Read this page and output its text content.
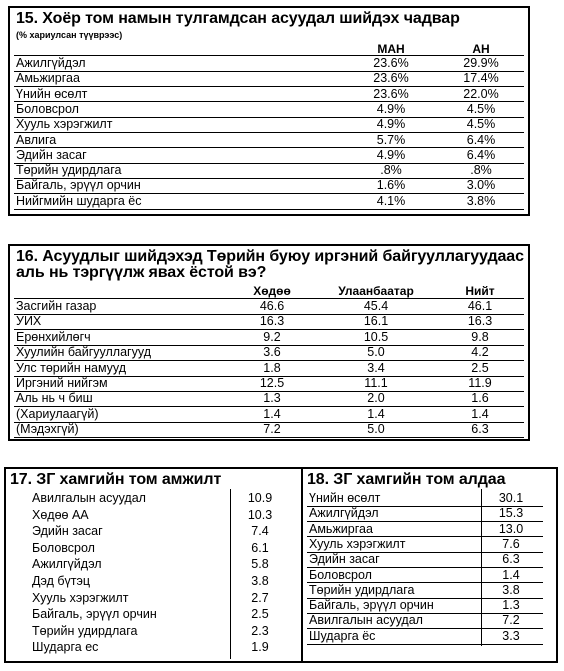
15. Хоёр том намын тулгамдсан асуудал шийдэх чадвар
(% хариулсан түүврээс)
МАН	АН
Ажилгүйдэл	23.6%	29.9%
Амьжиргаа	23.6%	17.4%
Үнийн өсөлт	23.6%	22.0%
Боловсрол	4.9%	4.5%
Хууль хэрэгжилт	4.9%	4.5%
Авлига	5.7%	6.4%
Эдийн засаг	4.9%	6.4%
Төрийн удирдлага	.8%	.8%
Байгаль, эрүүл орчин	1.6%	3.0%
Нийгмийн шударга ёс	4.1%	3.8%
16. Асуудлыг шийдэхэд Төрийн буюу иргэний байгууллагуудаас
аль нь тэргүүлж явах ёстой вэ?
Хөдөө	Улаанбаатар	Нийт
Засгийн газар	46.6	45.4	46.1
УИХ	16.3	16.1	16.3
Ерөнхийлөгч	9.2	10.5	9.8
Хуулийн байгууллагууд	3.6	5.0	4.2
Улс төрийн намууд	1.8	3.4	2.5
Иргэний нийгэм	12.5	11.1	11.9
Аль нь ч биш	1.3	2.0	1.6
(Хариулаагүй)	1.4	1.4	1.4
(Мэдэхгүй)	7.2	5.0	6.3
17. ЗГ хамгийн том амжилт
Авилгалын асуудал	10.9
Хөдөө АА	10.3
Эдийн засаг	7.4
Боловсрол	6.1
Ажилгүйдэл	5.8
Дэд бүтэц	3.8
Хууль хэрэгжилт	2.7
Байгаль, эрүүл орчин	2.5
Төрийн удирдлага	2.3
Шударга ес	1.9
18. ЗГ хамгийн том алдаа
Үнийн өсөлт	30.1
Ажилгүйдэл	15.3
Амьжиргаа	13.0
Хууль хэрэгжилт	7.6
Эдийн засаг	6.3
Боловсрол	1.4
Төрийн удирдлага	3.8
Байгаль, эрүүл орчин	1.3
Авилгалын асуудал	7.2
Шударга ёс	3.3
